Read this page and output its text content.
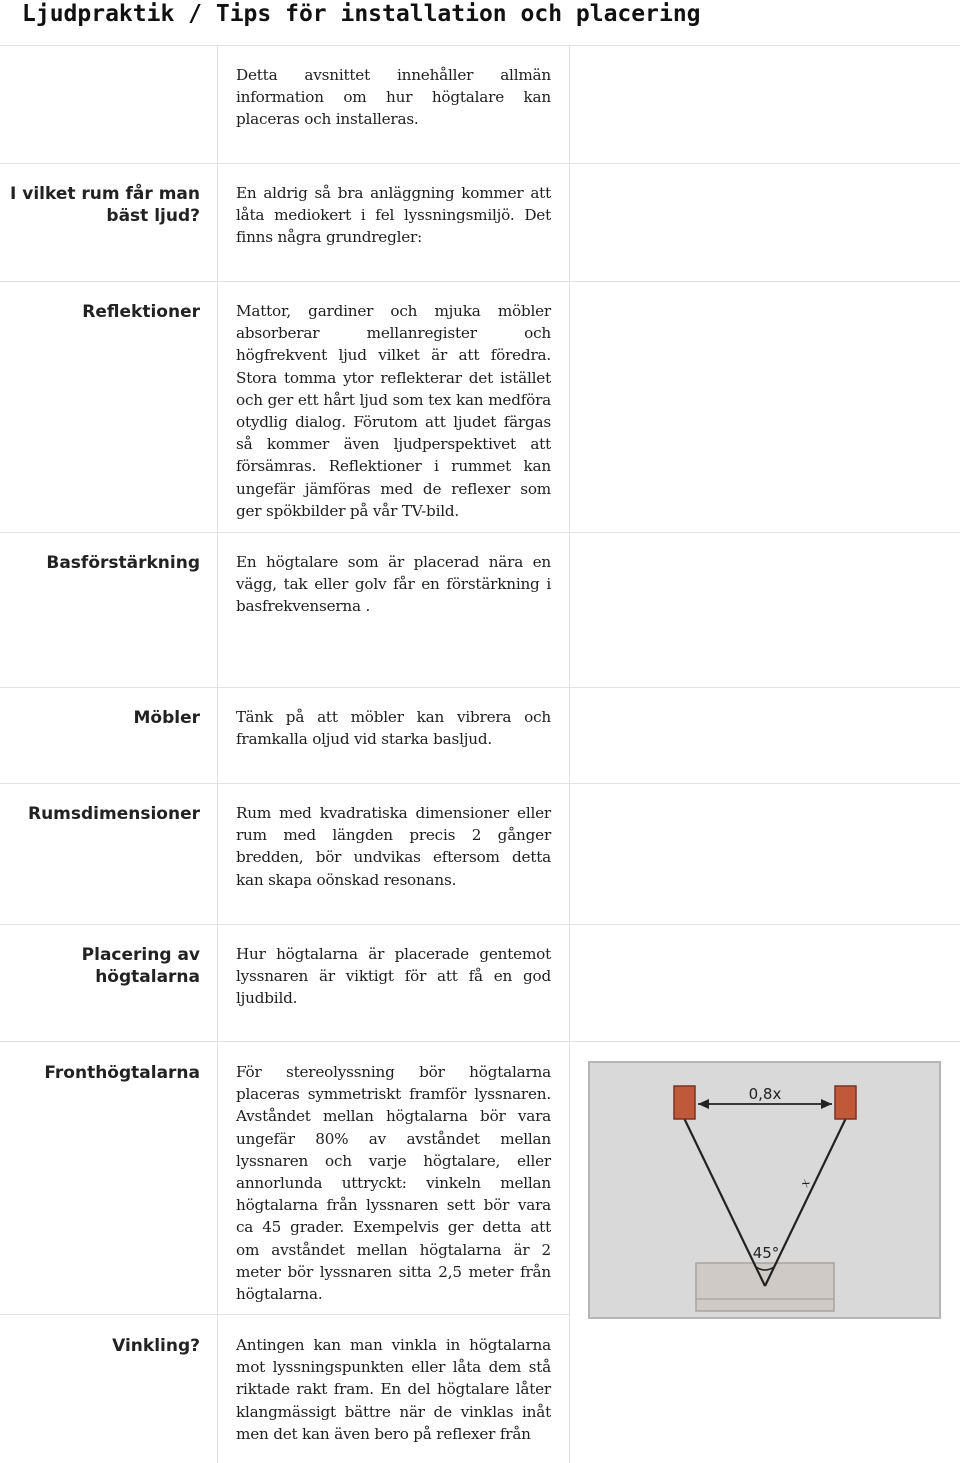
Ljudpraktik / Tips för installation och placering
Detta avsnittet innehåller allmän information om hur högtalare kan placeras och installeras.
I vilket rum får man bäst ljud?
En aldrig så bra anläggning kommer att låta mediokert i fel lyssningsmiljö. Det finns några grundregler:
Reflektioner Mattor, gardiner och mjuka möbler absorberar mellanregister och högfrekvent ljud vilket är att föredra. Stora tomma ytor reflekterar det istället och ger ett hårt ljud som tex kan medföra otydlig dialog. Förutom att ljudet färgas så kommer även ljudperspektivet att försämras. Reflektioner i rummet kan ungefär jämföras med de reflexer som ger spökbilder på vår TV-bild.
Basförstärkning En högtalare som är placerad nära en vägg, tak eller golv får en förstärkning i basfrekvenserna .
Möbler Tänk på att möbler kan vibrera och framkalla oljud vid starka basljud.
Rumsdimensioner Rum med kvadratiska dimensioner eller rum med längden precis 2 gånger bredden, bör undvikas eftersom detta kan skapa oönskad resonans.
Placering av högtalarna
Hur högtalarna är placerade gentemot lyssnaren är viktigt för att få en god ljudbild.
Fronthögtalarna För stereolyssning bör högtalarna placeras symmetriskt framför lyssnaren. Avståndet mellan högtalarna bör vara ungefär 80% av avståndet mellan lyssnaren och varje högtalare, eller annorlunda uttryckt: vinkeln mellan högtalarna från lyssnaren sett bör vara ca 45 grader. Exempelvis ger detta att om avståndet mellan högtalarna är 2 meter bör lyssnaren sitta 2,5 meter från högtalarna.
Vinkling? Antingen kan man vinkla in högtalarna mot lyssningspunkten eller låta dem stå riktade rakt fram. En del högtalare låter klangmässigt bättre när de vinklas inåt men det kan även bero på reflexer från
0,8x
x
45°
